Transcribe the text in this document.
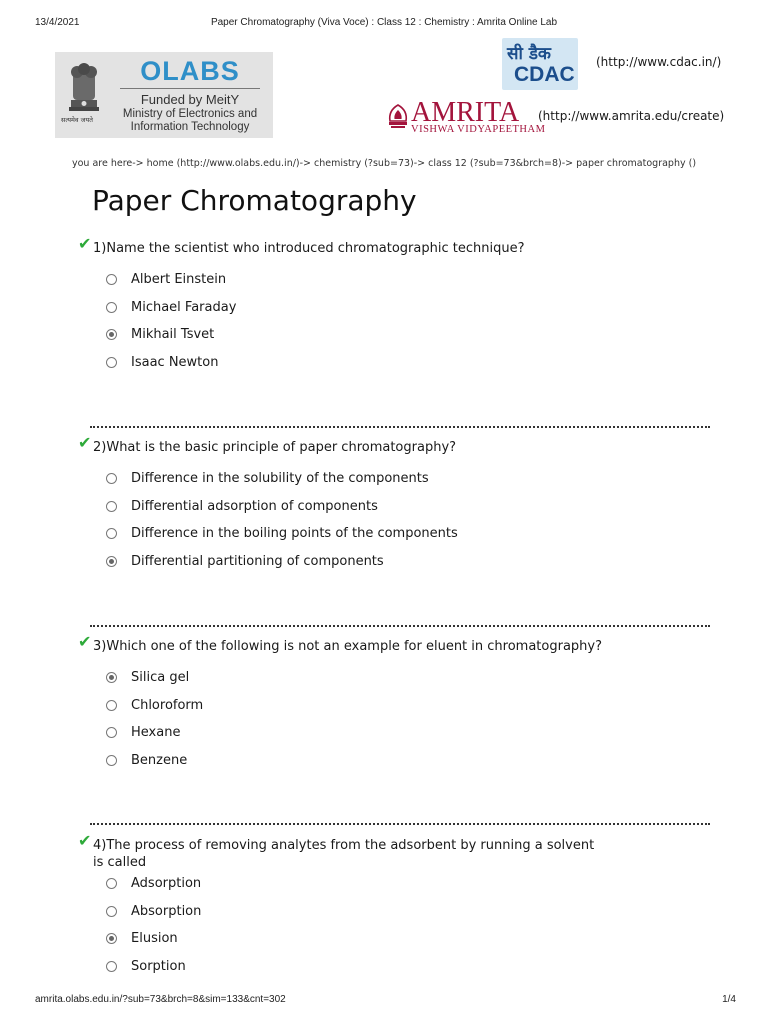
13/4/2021	Paper Chromatography (Viva Voce) : Class 12 : Chemistry : Amrita Online Lab
सत्यमेव जयते
OLABS
Funded by MeitY
Ministry of Electronics and
Information Technology
सी डैक
CDAC
(http://www.cdac.in/)
AMRITA
VISHWA VIDYAPEETHAM
(http://www.amrita.edu/create)
you are here-> home (http://www.olabs.edu.in/)-> chemistry (?sub=73)-> class 12 (?sub=73&brch=8)-> paper chromatography ()
Paper Chromatography
✔ 1)Name the scientist who introduced chromatographic technique?
Albert Einstein
Michael Faraday
Mikhail Tsvet
Isaac Newton
✔ 2)What is the basic principle of paper chromatography?
Difference in the solubility of the components
Differential adsorption of components
Difference in the boiling points of the components
Differential partitioning of components
✔ 3)Which one of the following is not an example for eluent in chromatography?
Silica gel
Chloroform
Hexane
Benzene
✔ 4)The process of removing analytes from the adsorbent by running a solvent is called
Adsorption
Absorption
Elusion
Sorption
amrita.olabs.edu.in/?sub=73&brch=8&sim=133&cnt=302	1/4
